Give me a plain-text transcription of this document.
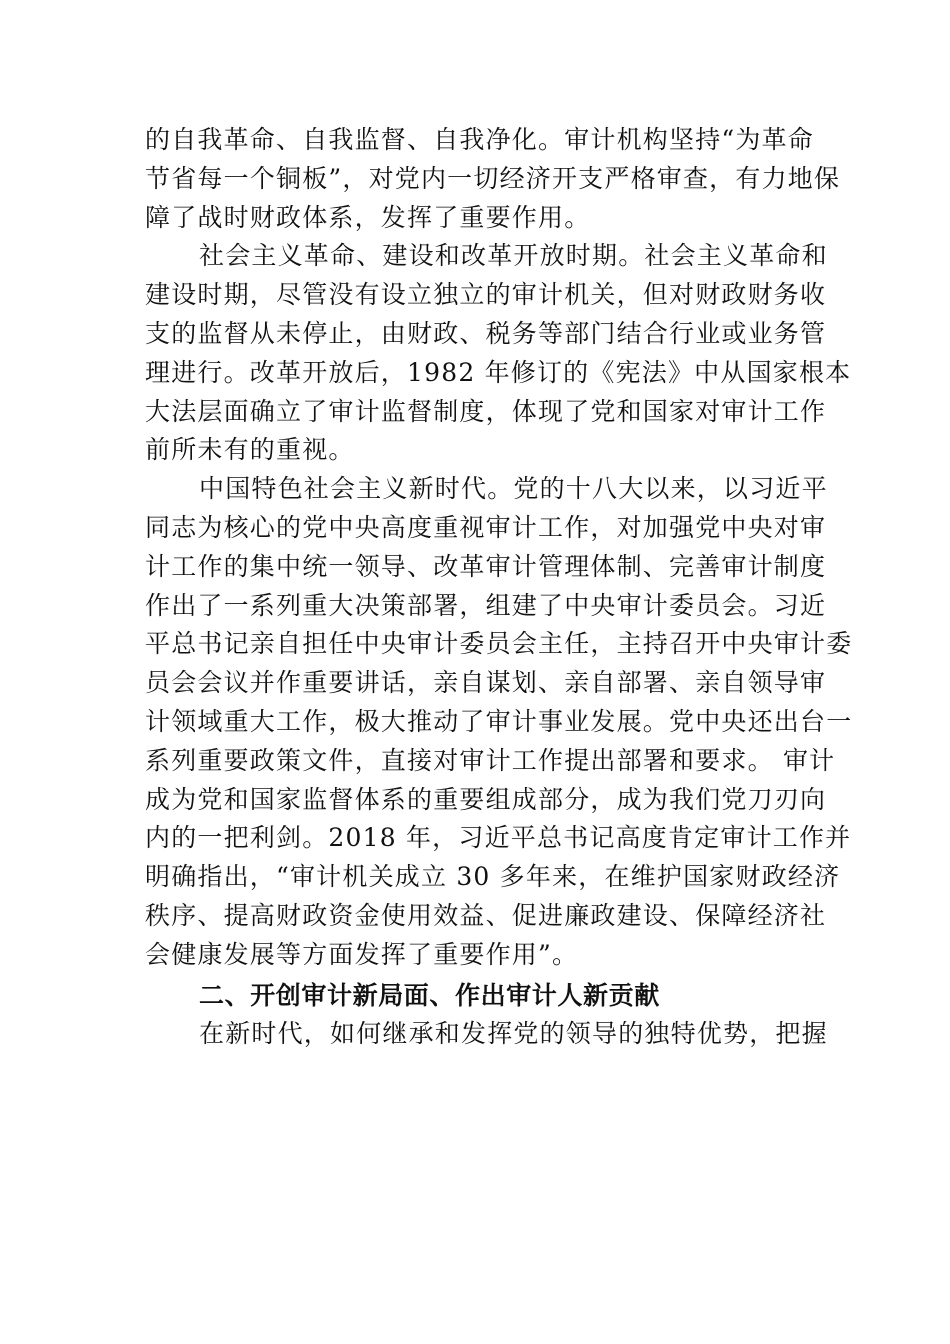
的自我革命、自我监督、自我净化。审计机构坚持“为革命
节省每一个铜板”，对党内一切经济开支严格审查，有力地保
障了战时财政体系，发挥了重要作用。
社会主义革命、建设和改革开放时期。社会主义革命和
建设时期，尽管没有设立独立的审计机关，但对财政财务收
支的监督从未停止，由财政、税务等部门结合行业或业务管
理进行。改革开放后，1982 年修订的《宪法》中从国家根本
大法层面确立了审计监督制度，体现了党和国家对审计工作
前所未有的重视。
中国特色社会主义新时代。党的十八大以来，以习近平
同志为核心的党中央高度重视审计工作，对加强党中央对审
计工作的集中统一领导、改革审计管理体制、完善审计制度
作出了一系列重大决策部署，组建了中央审计委员会。习近
平总书记亲自担任中央审计委员会主任，主持召开中央审计委
员会会议并作重要讲话，亲自谋划、亲自部署、亲自领导审
计领域重大工作，极大推动了审计事业发展。党中央还出台一
系列重要政策文件，直接对审计工作提出部署和要求。 审计
成为党和国家监督体系的重要组成部分，成为我们党刀刃向
内的一把利剑。2018 年，习近平总书记高度肯定审计工作并
明确指出，“审计机关成立 30 多年来，在维护国家财政经济
秩序、提高财政资金使用效益、促进廉政建设、保障经济社
会健康发展等方面发挥了重要作用”。
二、开创审计新局面、作出审计人新贡献
在新时代，如何继承和发挥党的领导的独特优势，把握
